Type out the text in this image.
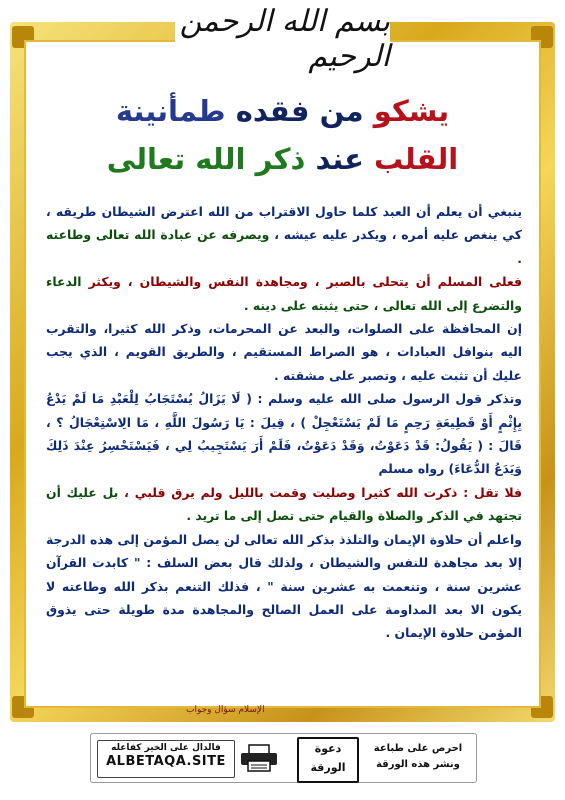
بسم الله الرحمن الرحيم
يشكو من فقده طمأنينة
القلب عند ذكر الله تعالى

ينبغي أن يعلم أن العبد كلما حاول الاقتراب من الله اعترض الشيطان طريقه ، كي ينغص عليه أمره ، ويكدر عليه عيشه ، ويصرفه عن عبادة الله تعالى وطاعته .

فعلى المسلم أن يتحلى بالصبر ، ومجاهدة النفس والشيطان ، ويكثر الدعاء والتضرع إلى الله تعالى ، حتى يثبته على دينه .

إن المحافظة على الصلوات، والبعد عن المحرمات، وذكر الله كثيرا، والتقرب اليه بنوافل العبادات ، هو الصراط المستقيم ، والطريق القويم ، الذي يجب عليك أن تثبت عليه ، وتصبر على مشقته .

وتذكر قول الرسول صلى الله عليه وسلم : ( لَا يَزَالُ يُسْتَجَابُ لِلْعَبْدِ مَا لَمْ يَدْعُ بِإِثْمٍ أَوْ قَطِيعَةِ رَحِمٍ مَا لَمْ يَسْتَعْجِلْ ) ، قِيلَ : يَا رَسُولَ اللَّهِ ، مَا الِاسْتِعْجَالُ ؟ ، قَالَ : ( يَقُولُ: قَدْ دَعَوْتُ، وَقَدْ دَعَوْتُ، فَلَمْ أَرَ يَسْتَجِيبُ لِي ، فَيَسْتَحْسِرُ عِنْدَ ذَلِكَ وَيَدَعُ الدُّعَاءَ) رواه مسلم

فلا تقل : ذكرت الله كثيرا وصليت وقمت بالليل ولم يرق قلبي ، بل عليك أن تجتهد في الذكر والصلاة والقيام حتى تصل إلى ما تريد .

واعلم أن حلاوة الإيمان والتلذذ بذكر الله تعالى لن يصل المؤمن إلى هذه الدرجة إلا بعد مجاهدة للنفس والشيطان ، ولذلك قال بعض السلف : " كابدت القرآن عشرين سنة ، وتنعمت به عشرين سنة " ، فذلك التنعم بذكر الله وطاعته لا يكون الا بعد المداومة على العمل الصالح والمجاهدة مدة طويلة حتى يذوق المؤمن حلاوة الإيمان .

الإسلام سؤال وجواب
فالدال على الخير كفاعله
ALBETAQA.SITE
دعوة
الورقة
احرص على طباعة
ونشر هذه الورقة
